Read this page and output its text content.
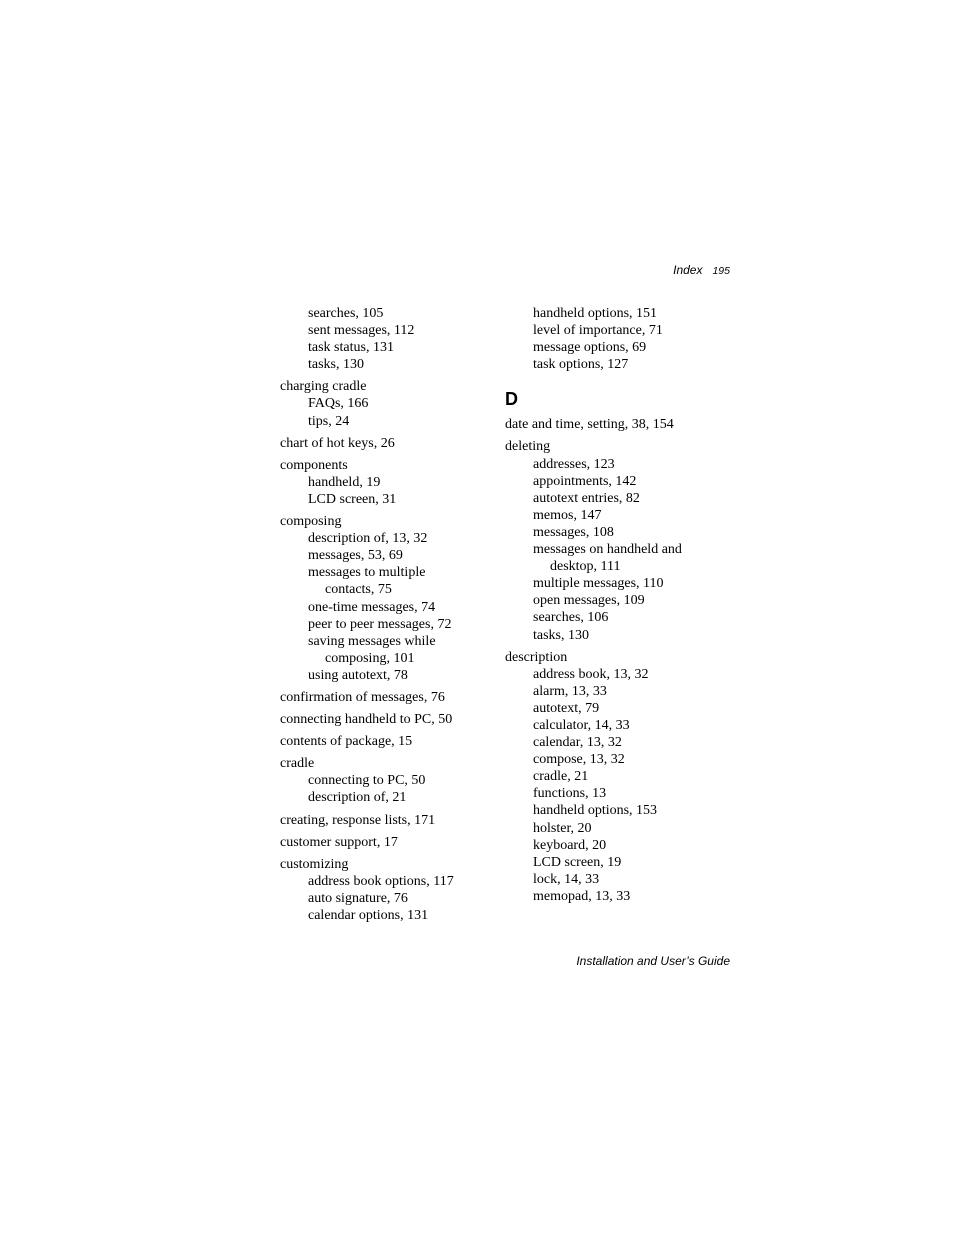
Index 195
searches, 105
sent messages, 112
task status, 131
tasks, 130
charging cradle
FAQs, 166
tips, 24
chart of hot keys, 26
components
handheld, 19
LCD screen, 31
composing
description of, 13, 32
messages, 53, 69
messages to multiple
contacts, 75
one-time messages, 74
peer to peer messages, 72
saving messages while
composing, 101
using autotext, 78
confirmation of messages, 76
connecting handheld to PC, 50
contents of package, 15
cradle
connecting to PC, 50
description of, 21
creating, response lists, 171
customer support, 17
customizing
address book options, 117
auto signature, 76
calendar options, 131
handheld options, 151
level of importance, 71
message options, 69
task options, 127
D
date and time, setting, 38, 154
deleting
addresses, 123
appointments, 142
autotext entries, 82
memos, 147
messages, 108
messages on handheld and
desktop, 111
multiple messages, 110
open messages, 109
searches, 106
tasks, 130
description
address book, 13, 32
alarm, 13, 33
autotext, 79
calculator, 14, 33
calendar, 13, 32
compose, 13, 32
cradle, 21
functions, 13
handheld options, 153
holster, 20
keyboard, 20
LCD screen, 19
lock, 14, 33
memopad, 13, 33
Installation and User’s Guide
